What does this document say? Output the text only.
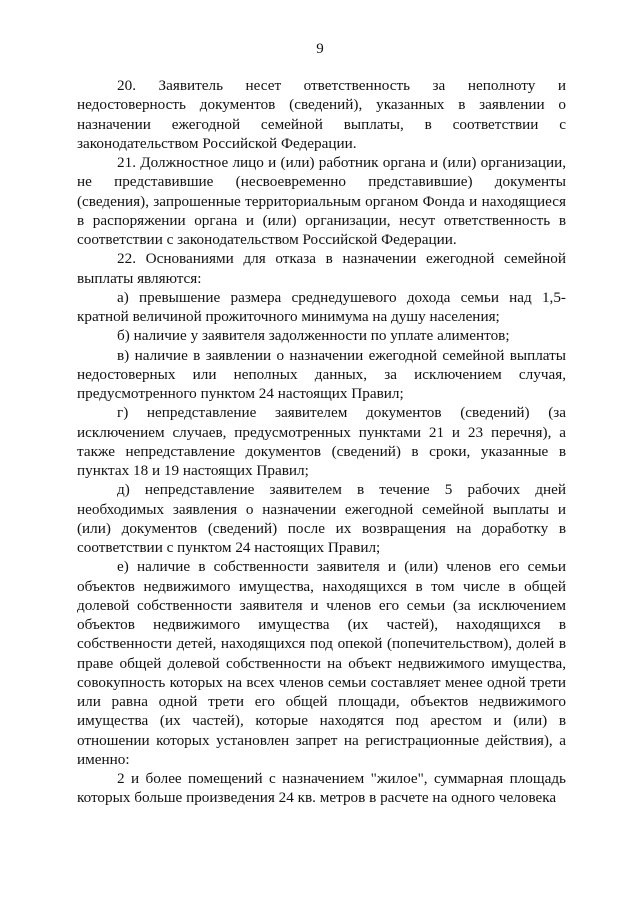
9

20. Заявитель несет ответственность за неполноту и недостоверность документов (сведений), указанных в заявлении о назначении ежегодной семейной выплаты, в соответствии с законодательством Российской Федерации.

21. Должностное лицо и (или) работник органа и (или) организации, не представившие (несвоевременно представившие) документы (сведения), запрошенные территориальным органом Фонда и находящиеся в распоряжении органа и (или) организации, несут ответственность в соответствии с законодательством Российской Федерации.

22. Основаниями для отказа в назначении ежегодной семейной выплаты являются:

а) превышение размера среднедушевого дохода семьи над 1,5-кратной величиной прожиточного минимума на душу населения;

б) наличие у заявителя задолженности по уплате алиментов;

в) наличие в заявлении о назначении ежегодной семейной выплаты недостоверных или неполных данных, за исключением случая, предусмотренного пунктом 24 настоящих Правил;

г) непредставление заявителем документов (сведений) (за исключением случаев, предусмотренных пунктами 21 и 23 перечня), а также непредставление документов (сведений) в сроки, указанные в пунктах 18 и 19 настоящих Правил;

д) непредставление заявителем в течение 5 рабочих дней необходимых заявления о назначении ежегодной семейной выплаты и (или) документов (сведений) после их возвращения на доработку в соответствии с пунктом 24 настоящих Правил;

е) наличие в собственности заявителя и (или) членов его семьи объектов недвижимого имущества, находящихся в том числе в общей долевой собственности заявителя и членов его семьи (за исключением объектов недвижимого имущества (их частей), находящихся в собственности детей, находящихся под опекой (попечительством), долей в праве общей долевой собственности на объект недвижимого имущества, совокупность которых на всех членов семьи составляет менее одной трети или равна одной трети его общей площади, объектов недвижимого имущества (их частей), которые находятся под арестом и (или) в отношении которых установлен запрет на регистрационные действия), а именно:

2 и более помещений с назначением "жилое", суммарная площадь которых больше произведения 24 кв. метров в расчете на одного человека
